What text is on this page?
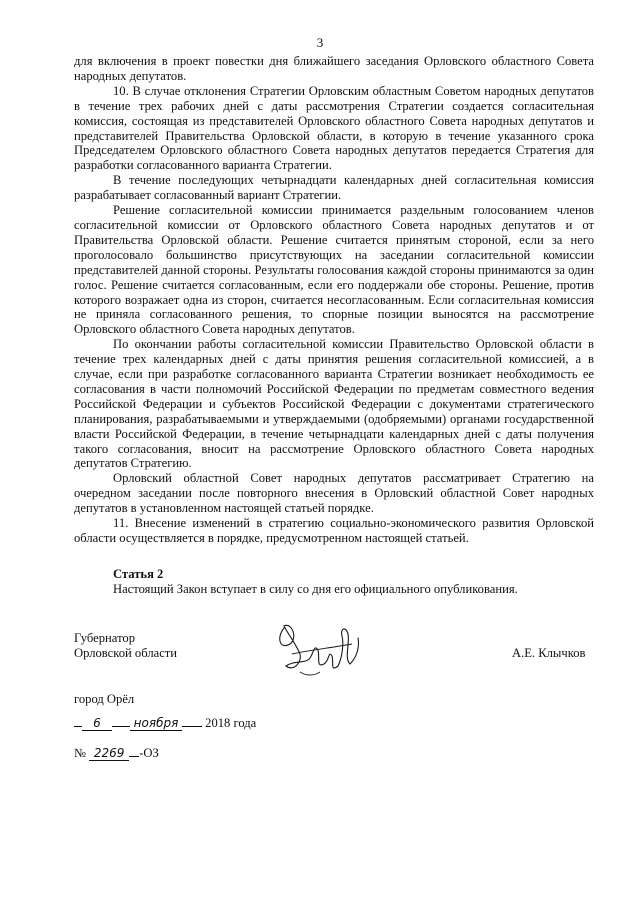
3

для включения в проект повестки дня ближайшего заседания Орловского областного Совета народных депутатов.

10. В случае отклонения Стратегии Орловским областным Советом народных депутатов в течение трех рабочих дней с даты рассмотрения Стратегии создается согласительная комиссия, состоящая из представителей Орловского областного Совета народных депутатов и представителей Правительства Орловской области, в которую в течение указанного срока Председателем Орловского областного Совета народных депутатов передается Стратегия для разработки согласованного варианта Стратегии.

В течение последующих четырнадцати календарных дней согласительная комиссия разрабатывает согласованный вариант Стратегии.

Решение согласительной комиссии принимается раздельным голосованием членов согласительной комиссии от Орловского областного Совета народных депутатов и от Правительства Орловской области. Решение считается принятым стороной, если за него проголосовало большинство присутствующих на заседании согласительной комиссии представителей данной стороны. Результаты голосования каждой стороны принимаются за один голос. Решение считается согласованным, если его поддержали обе стороны. Решение, против которого возражает одна из сторон, считается несогласованным. Если согласительная комиссия не приняла согласованного решения, то спорные позиции выносятся на рассмотрение Орловского областного Совета народных депутатов.

По окончании работы согласительной комиссии Правительство Орловской области в течение трех календарных дней с даты принятия решения согласительной комиссией, а в случае, если при разработке согласованного варианта Стратегии возникает необходимость ее согласования в части полномочий Российской Федерации по предметам совместного ведения Российской Федерации и субъектов Российской Федерации с документами стратегического планирования, разрабатываемыми и утверждаемыми (одобряемыми) органами государственной власти Российской Федерации, в течение четырнадцати календарных дней с даты получения такого согласования, вносит на рассмотрение Орловского областного Совета народных депутатов Стратегию.

Орловский областной Совет народных депутатов рассматривает Стратегию на очередном заседании после повторного внесения в Орловский областной Совет народных депутатов в установленном настоящей статьей порядке.

11. Внесение изменений в стратегию социально-экономического развития Орловской области осуществляется в порядке, предусмотренном настоящей статьей.

Статья 2
Настоящий Закон вступает в силу со дня его официального опубликования.
Губернатор
Орловской области	А.Е. Клычков
город Орёл
6	ноября 2018 года
№ 2269 -ОЗ
